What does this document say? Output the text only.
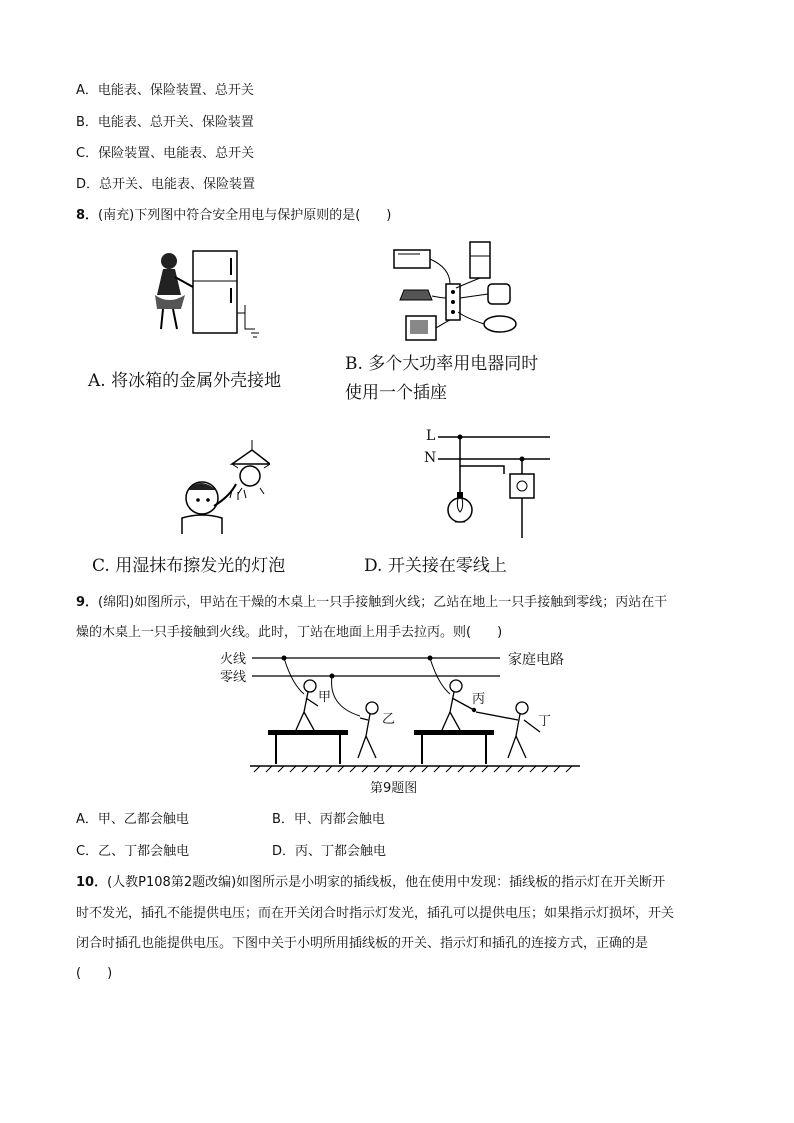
A．电能表、保险装置、总开关
B．电能表、总开关、保险装置
C．保险装置、电能表、总开关
D．总开关、电能表、保险装置
8．(南充)下列图中符合安全用电与保护原则的是(　　)
A. 将冰箱的金属外壳接地
B. 多个大功率用电器同时
使用一个插座
C. 用湿抹布擦发光的灯泡
L
N
D. 开关接在零线上
9．(绵阳)如图所示，甲站在干燥的木桌上一只手接触到火线；乙站在地上一只手接触到零线；丙站在干
燥的木桌上一只手接触到火线。此时，丁站在地面上用手去拉丙。则(　　)
火线
零线
家庭电路
甲
乙
丙
丁
第9题图
A．甲、乙都会触电	B．甲、丙都会触电
C．乙、丁都会触电	D．丙、丁都会触电
10．(人教P108第2题改编)如图所示是小明家的插线板，他在使用中发现：插线板的指示灯在开关断开
时不发光，插孔不能提供电压；而在开关闭合时指示灯发光，插孔可以提供电压；如果指示灯损坏，开关
闭合时插孔也能提供电压。下图中关于小明所用插线板的开关、指示灯和插孔的连接方式，正确的是
(　　)
